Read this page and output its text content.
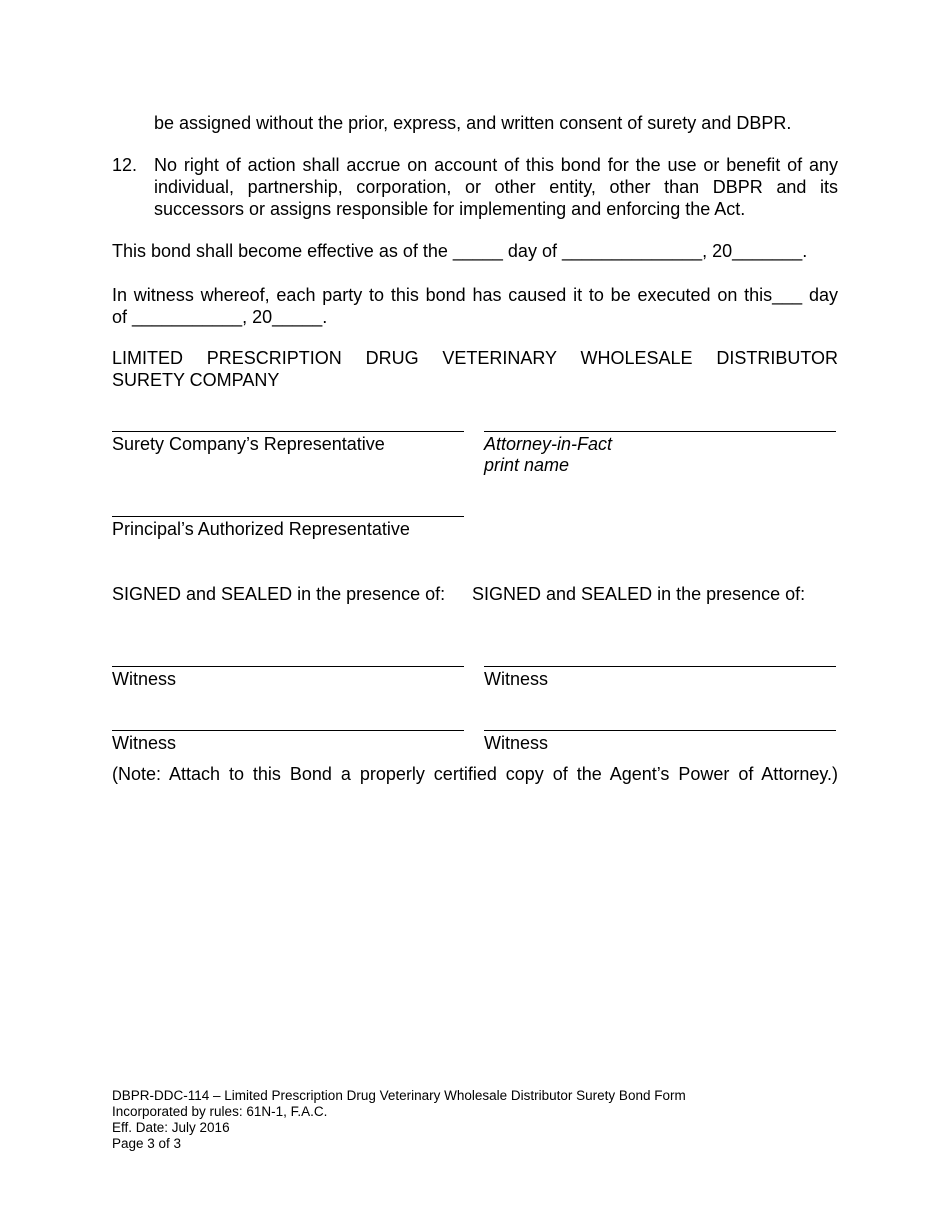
be assigned without the prior, express, and written consent of surety and DBPR.
12. No right of action shall accrue on account of this bond for the use or benefit of any individual, partnership, corporation, or other entity, other than DBPR and its successors or assigns responsible for implementing and enforcing the Act.
This bond shall become effective as of the _____ day of ______________, 20_______.
In witness whereof, each party to this bond has caused it to be executed on this___ day
of ___________, 20_____.
LIMITED PRESCRIPTION DRUG VETERINARY WHOLESALE DISTRIBUTOR
SURETY COMPANY
Surety Company’s Representative	Attorney-in-Fact
print name
Principal’s Authorized Representative
SIGNED and SEALED in the presence of: SIGNED and SEALED in the presence of:
Witness	Witness
Witness	Witness
(Note: Attach to this Bond a properly certified copy of the Agent’s Power of Attorney.)
DBPR-DDC-114 – Limited Prescription Drug Veterinary Wholesale Distributor Surety Bond Form
Incorporated by rules: 61N-1, F.A.C.
Eff. Date: July 2016
Page 3 of 3
